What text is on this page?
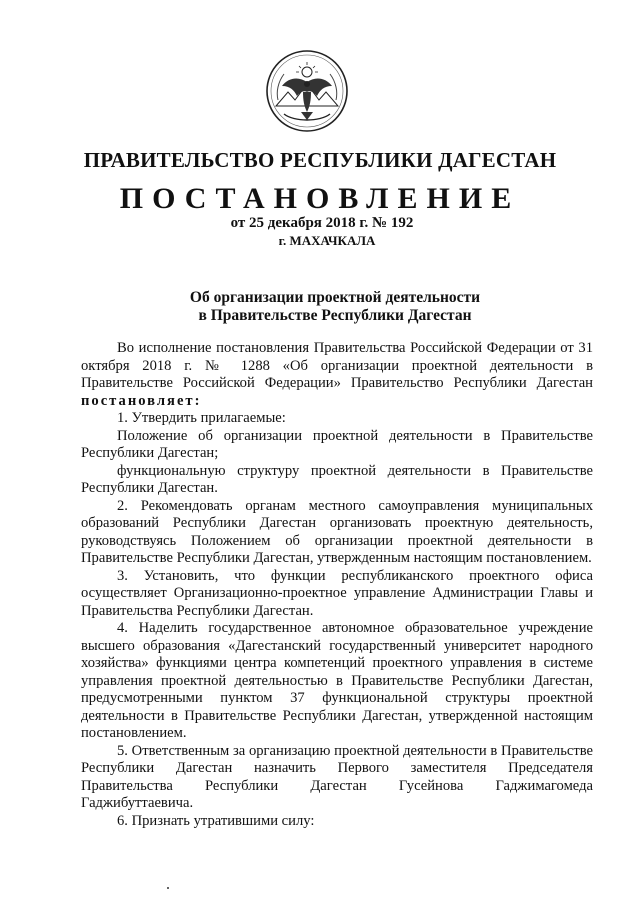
ПРАВИТЕЛЬСТВО РЕСПУБЛИКИ ДАГЕСТАН
ПОСТАНОВЛЕНИЕ
от 25 декабря 2018 г. № 192
г. МАХАЧКАЛА
Об организации проектной деятельности
в Правительстве Республики Дагестан

Во исполнение постановления Правительства Российской Федерации от 31 октября 2018 г. № 1288 «Об организации проектной деятельности в Правительстве Российской Федерации» Правительство Республики Дагестан постановляет:

1. Утвердить прилагаемые:

Положение об организации проектной деятельности в Правительстве Республики Дагестан;

функциональную структуру проектной деятельности в Правительстве Республики Дагестан.

2. Рекомендовать органам местного самоуправления муниципальных образований Республики Дагестан организовать проектную деятельность, руководствуясь Положением об организации проектной деятельности в Правительстве Республики Дагестан, утвержденным настоящим постановлением.

3. Установить, что функции республиканского проектного офиса осуществляет Организационно-проектное управление Администрации Главы и Правительства Республики Дагестан.

4. Наделить государственное автономное образовательное учреждение высшего образования «Дагестанский государственный университет народного хозяйства» функциями центра компетенций проектного управления в системе управления проектной деятельностью в Правительстве Республики Дагестан, предусмотренными пунктом 37 функциональной структуры проектной деятельности в Правительстве Республики Дагестан, утвержденной настоящим постановлением.

5. Ответственным за организацию проектной деятельности в Правительстве Республики Дагестан назначить Первого заместителя Председателя Правительства Республики Дагестан Гусейнова Гаджимагомеда Гаджибуттаевича.

6. Признать утратившими силу:
